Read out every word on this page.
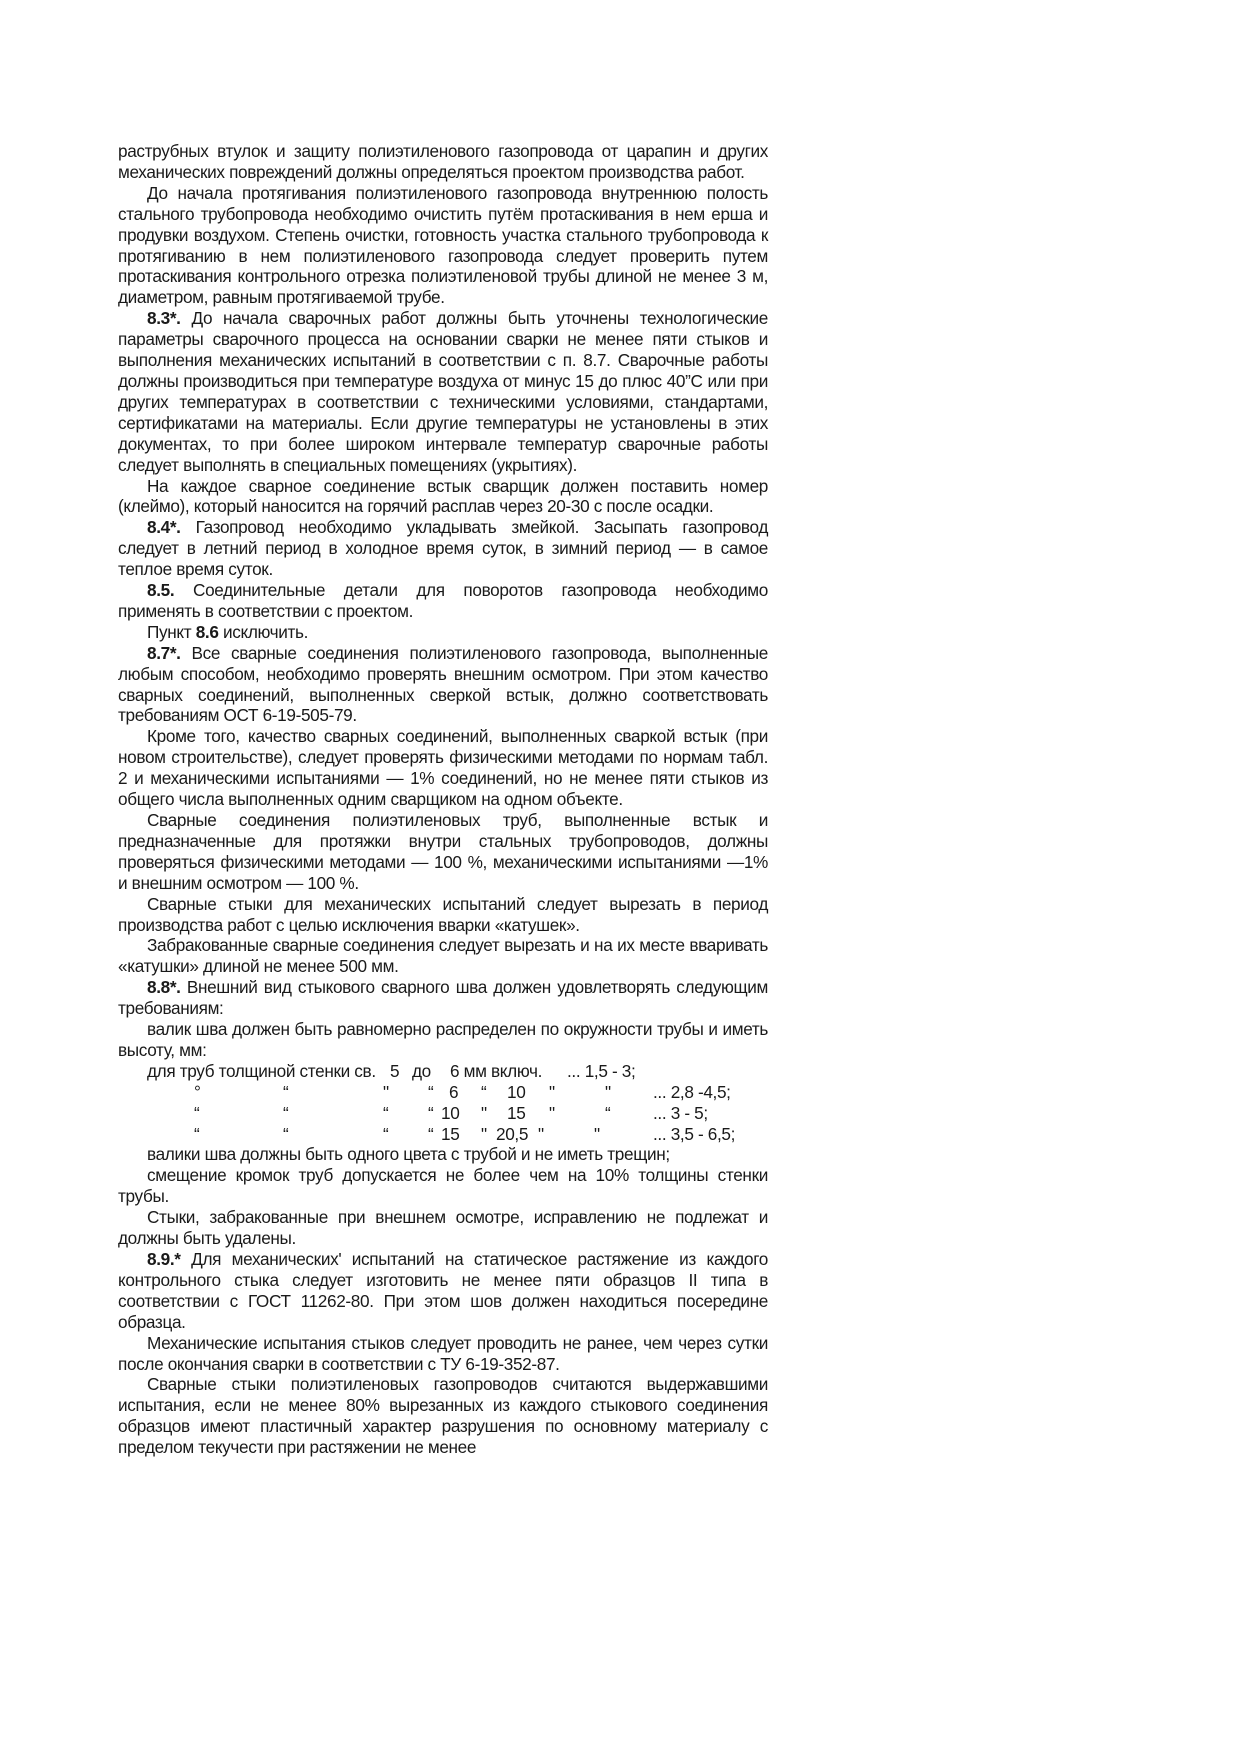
раструбных втулок и защиту полиэтиленового газопровода от царапин и других механических повреждений должны определяться проектом производства работ.

До начала протягивания полиэтиленового газопровода внутреннюю полость стального трубопровода необходимо очистить путём протаскивания в нем ерша и продувки воздухом. Степень очистки, готовность участка стального трубопровода к протягиванию в нем полиэтиленового газопровода следует проверить путем протаскивания контрольного отрезка полиэтиленовой трубы длиной не менее 3 м, диаметром, равным протягиваемой трубе.

8.3*. До начала сварочных работ должны быть уточнены технологические параметры сварочного процесса на основании сварки не менее пяти стыков и выполнения механических испытаний в соответствии с п. 8.7. Сварочные работы должны производиться при температуре воздуха от минус 15 до плюс 40”С или при других температурах в соответствии с техническими условиями, стандартами, сертификатами на материалы. Если другие температуры не установлены в этих документах, то при более широком интервале температур сварочные работы следует выполнять в специальных помещениях (укрытиях).

На каждое сварное соединение встык сварщик должен поставить номер (клеймо), который наносится на горячий расплав через 20-30 с после осадки.

8.4*. Газопровод необходимо укладывать змейкой. Засыпать газопровод следует в летний период в холодное время суток, в зимний период — в самое теплое время суток.

8.5. Соединительные детали для поворотов газопровода необходимо применять в соответствии с проектом.

Пункт 8.6 исключить.

8.7*. Все сварные соединения полиэтиленового газопровода, выполненные любым способом, необходимо проверять внешним осмотром. При этом качество сварных соединений, выполненных сверкой встык, должно соответствовать требованиям ОСТ 6-19-505-79.

Кроме того, качество сварных соединений, выполненных сваркой встык (при новом строительстве), следует проверять физическими методами по нормам табл. 2 и механическими испытаниями — 1% соединений, но не менее пяти стыков из общего числа выполненных одним сварщиком на одном объекте.

Сварные соединения полиэтиленовых труб, выполненные встык и предназначенные для протяжки внутри стальных трубопроводов, должны проверяться физическими методами — 100 %, механическими испытаниями —1% и внешним осмотром — 100 %.

Сварные стыки для механических испытаний следует вырезать в период производства работ с целью исключения вварки «катушек».

Забракованные сварные соединения следует вырезать и на их месте вваривать «катушки» длиной не менее 500 мм.

8.8*. Внешний вид стыкового сварного шва должен удовлетворять следующим требованиям:

валик шва должен быть равномерно распределен по окружности трубы и иметь высоту, мм:

для труб толщиной стенки св. 5 до 6 мм включ. ... 1,5 - 3;
°	“	" “ 6 “ 10 "	" ... 2,8 -4,5;
“	“	“ “ 10 " 15 "	“ ... 3 - 5;
“	“	“ “ 15 " 20,5 "	"	... 3,5 - 6,5;

валики шва должны быть одного цвета с трубой и не иметь трещин;

смещение кромок труб допускается не более чем на 10% толщины стенки трубы.

Стыки, забракованные при внешнем осмотре, исправлению не подлежат и должны быть удалены.

8.9.* Для механических' испытаний на статическое растяжение из каждого контрольного стыка следует изготовить не менее пяти образцов II типа в соответствии с ГОСТ 11262-80. При этом шов должен находиться посередине образца.

Механические испытания стыков следует проводить не ранее, чем через сутки после окончания сварки в соответствии с ТУ 6-19-352-87.

Сварные стыки полиэтиленовых газопроводов считаются выдержавшими испытания, если не менее 80% вырезанных из каждого стыкового соединения образцов имеют пластичный характер разрушения по основному материалу с пределом текучести при растяжении не менее
